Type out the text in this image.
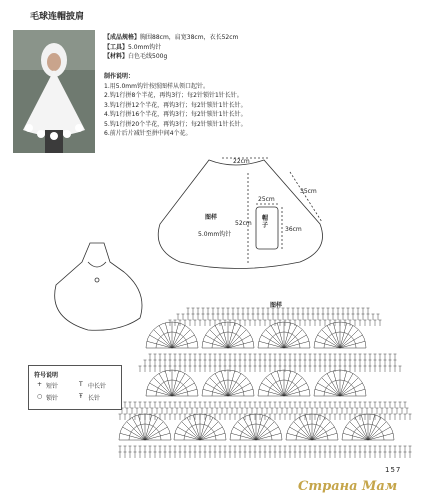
毛球连帽披肩
【成品规格】胸围88cm，肩宽38cm，衣长52cm
【工具】5.0mm钩针
【材料】白色毛线500g
制作说明：
1.用5.0mm钩针按照图样从领口起针。
2.钩1行拼8个半花，再钩3行；每2针锁针1针长针。
3.钩1行拼12个半花，再钩3行；每2针锁针1针长针。
4.钩1行拼16个半花，再钩3行；每2针锁针1针长针。
5.钩1行拼20个半花，再钩3行；每2针锁针1针长针。
6.前片后片减针至拼中间4个花。
22cm
35cm
52cm
25cm
36cm
图样
5.0mm钩针
帽子
图样
符号说明
+ 短针	T 中长针
○ 锁针	Ŧ 长针
157
Страна Мам
